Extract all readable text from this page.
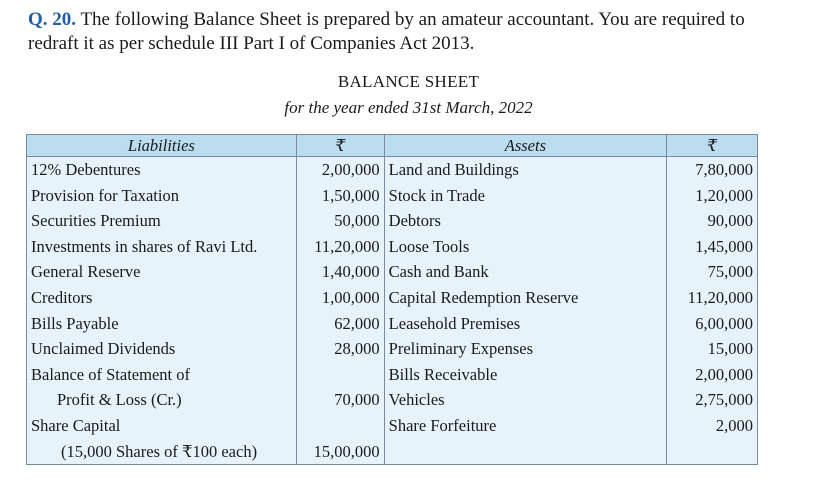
Q. 20. The following Balance Sheet is prepared by an amateur accountant. You are required to redraft it as per schedule III Part I of Companies Act 2013.
BALANCE SHEET
for the year ended 31st March, 2022
Liabilities	₹	Assets	₹
12% Debentures	2,00,000	Land and Buildings	7,80,000
Provision for Taxation	1,50,000	Stock in Trade	1,20,000
Securities Premium	50,000	Debtors	90,000
Investments in shares of Ravi Ltd.	11,20,000	Loose Tools	1,45,000
General Reserve	1,40,000	Cash and Bank	75,000
Creditors	1,00,000	Capital Redemption Reserve	11,20,000
Bills Payable	62,000	Leasehold Premises	6,00,000
Unclaimed Dividends	28,000	Preliminary Expenses	15,000
Balance of Statement of		Bills Receivable	2,00,000
Profit & Loss (Cr.)	70,000	Vehicles	2,75,000
Share Capital		Share Forfeiture	2,000
(15,000 Shares of ₹100 each)	15,00,000		
